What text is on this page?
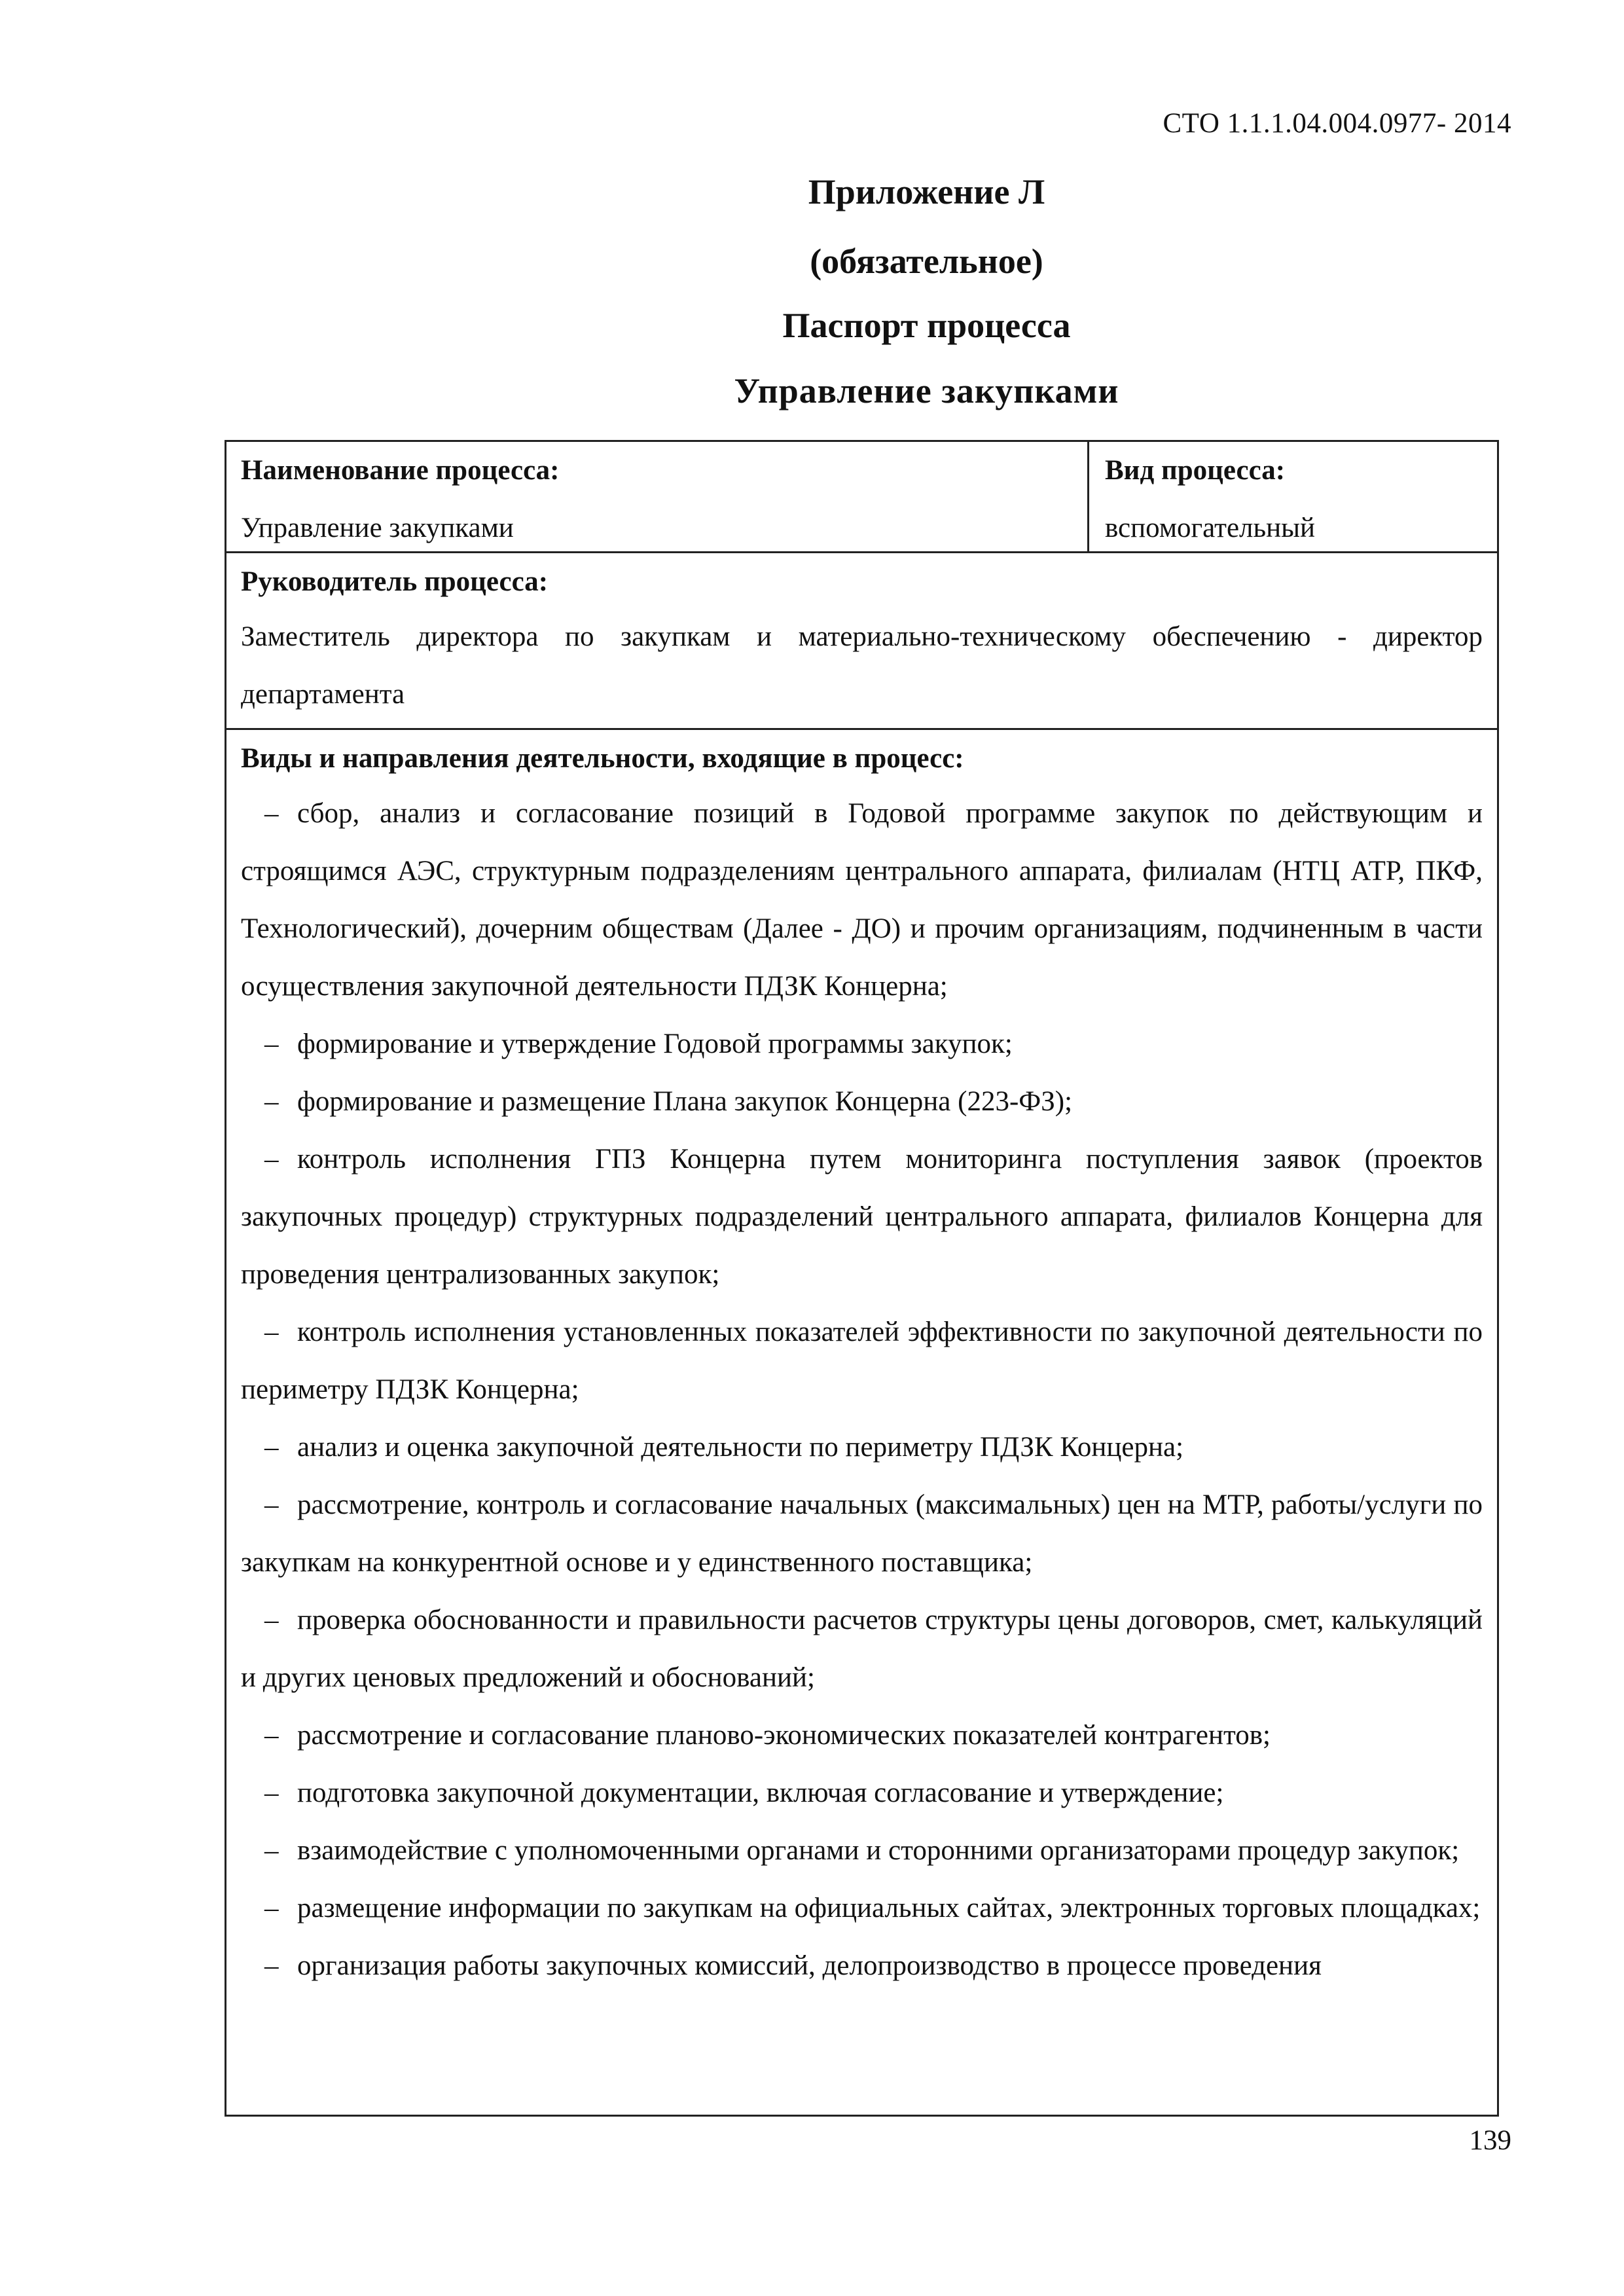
СТО 1.1.1.04.004.0977- 2014
Приложение Л
(обязательное)
Паспорт процесса
Управление закупками
Наименование процесса:
Управление закупками
Вид процесса:
вспомогательный
Руководитель процесса:
Заместитель директора по закупкам и материально-техническому обеспечению - директор департамента
Виды и направления деятельности, входящие в процесс:
– сбор, анализ и согласование позиций в Годовой программе закупок по действующим и строящимся АЭС, структурным подразделениям центрального аппарата, филиалам (НТЦ АТР, ПКФ, Технологический), дочерним обществам (Далее - ДО) и прочим организациям, подчиненным в части осуществления закупочной деятельности ПДЗК Концерна;
– формирование и утверждение Годовой программы закупок;
– формирование и размещение Плана закупок Концерна (223-ФЗ);
– контроль исполнения ГПЗ Концерна путем мониторинга поступления заявок (проектов закупочных процедур) структурных подразделений центрального аппарата, филиалов Концерна для проведения централизованных закупок;
– контроль исполнения установленных показателей эффективности по закупочной деятельности по периметру ПДЗК Концерна;
– анализ и оценка закупочной деятельности по периметру ПДЗК Концерна;
– рассмотрение, контроль и согласование начальных (максимальных) цен на МТР, работы/услуги по закупкам на конкурентной основе и у единственного поставщика;
– проверка обоснованности и правильности расчетов структуры цены договоров, смет, калькуляций и других ценовых предложений и обоснований;
– рассмотрение и согласование планово-экономических показателей контрагентов;
– подготовка закупочной документации, включая согласование и утверждение;
– взаимодействие с уполномоченными органами и сторонними организаторами процедур закупок;
– размещение информации по закупкам на официальных сайтах, электронных торговых площадках;
– организация работы закупочных комиссий, делопроизводство в процессе проведения
139
